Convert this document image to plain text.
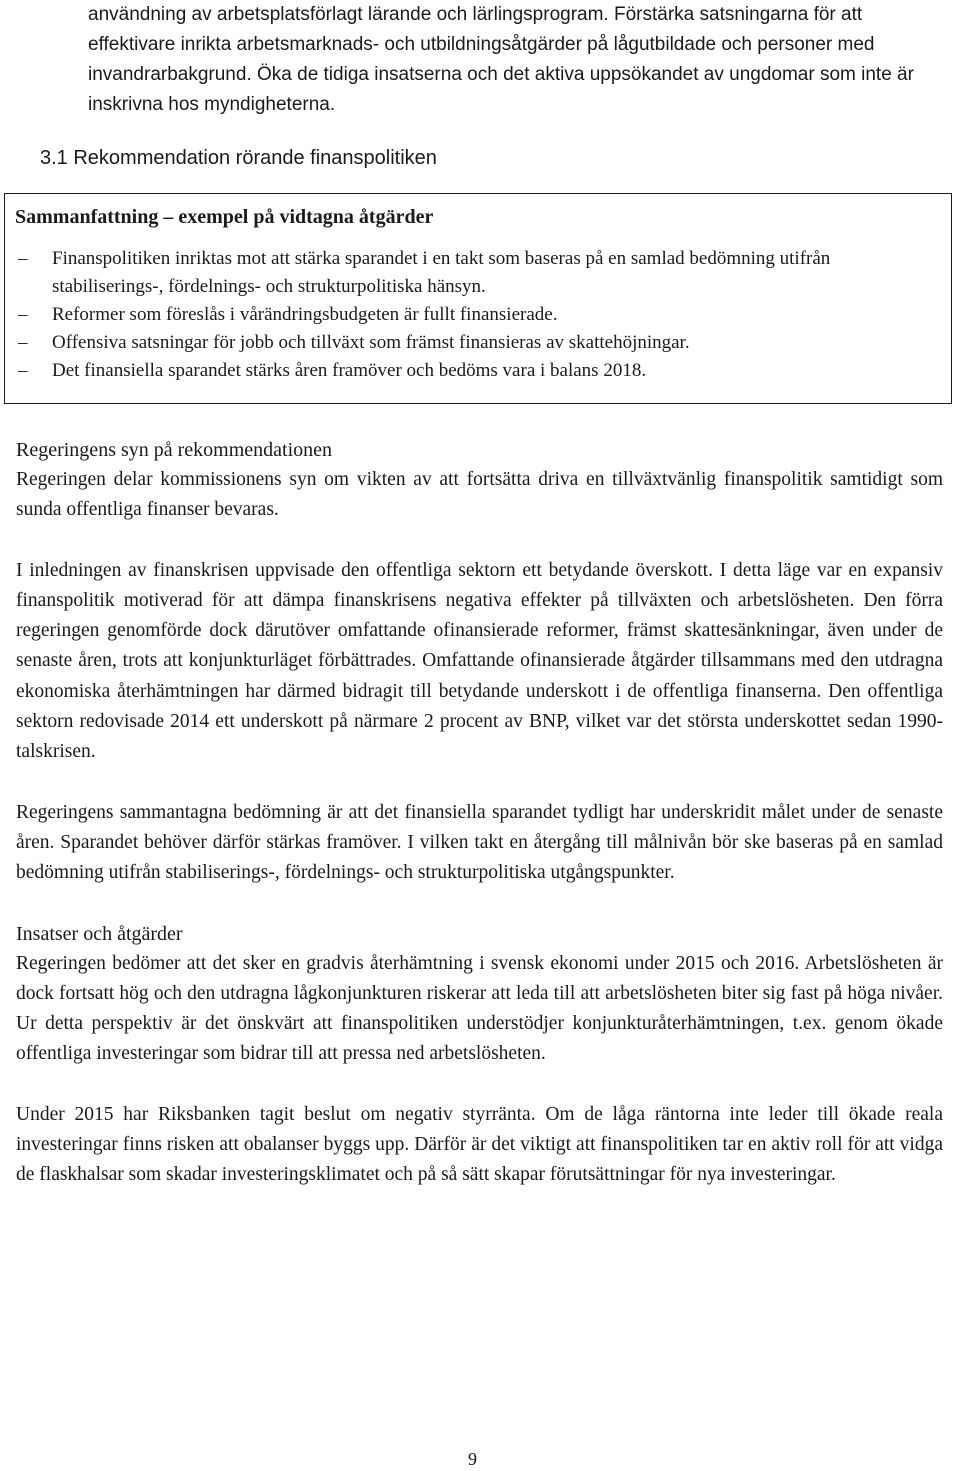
användning av arbetsplatsförlagt lärande och lärlingsprogram. Förstärka satsningarna för att effektivare inrikta arbetsmarknads- och utbildningsåtgärder på lågutbildade och personer med invandrarbakgrund. Öka de tidiga insatserna och det aktiva uppsökandet av ungdomar som inte är inskrivna hos myndigheterna.

3.1 Rekommendation rörande finanspolitiken
Sammanfattning – exempel på vidtagna åtgärder
– Finanspolitiken inriktas mot att stärka sparandet i en takt som baseras på en samlad bedömning utifrån stabiliserings-, fördelnings- och strukturpolitiska hänsyn.
– Reformer som föreslås i vårändringsbudgeten är fullt finansierade.
– Offensiva satsningar för jobb och tillväxt som främst finansieras av skattehöjningar.
– Det finansiella sparandet stärks åren framöver och bedöms vara i balans 2018.
Regeringens syn på rekommendationen

Regeringen delar kommissionens syn om vikten av att fortsätta driva en tillväxtvänlig finanspolitik samtidigt som sunda offentliga finanser bevaras.

I inledningen av finanskrisen uppvisade den offentliga sektorn ett betydande överskott. I detta läge var en expansiv finanspolitik motiverad för att dämpa finanskrisens negativa effekter på tillväxten och arbetslösheten. Den förra regeringen genomförde dock därutöver omfattande ofinansierade reformer, främst skattesänkningar, även under de senaste åren, trots att konjunkturläget förbättrades. Omfattande ofinansierade åtgärder tillsammans med den utdragna ekonomiska återhämtningen har därmed bidragit till betydande underskott i de offentliga finanserna. Den offentliga sektorn redovisade 2014 ett underskott på närmare 2 procent av BNP, vilket var det största underskottet sedan 1990-talskrisen.

Regeringens sammantagna bedömning är att det finansiella sparandet tydligt har underskridit målet under de senaste åren. Sparandet behöver därför stärkas framöver. I vilken takt en återgång till målnivån bör ske baseras på en samlad bedömning utifrån stabiliserings-, fördelnings- och strukturpolitiska utgångspunkter.

Insatser och åtgärder

Regeringen bedömer att det sker en gradvis återhämtning i svensk ekonomi under 2015 och 2016. Arbetslösheten är dock fortsatt hög och den utdragna lågkonjunkturen riskerar att leda till att arbetslösheten biter sig fast på höga nivåer. Ur detta perspektiv är det önskvärt att finanspolitiken understödjer konjunkturåterhämtningen, t.ex. genom ökade offentliga investeringar som bidrar till att pressa ned arbetslösheten.

Under 2015 har Riksbanken tagit beslut om negativ styrränta. Om de låga räntorna inte leder till ökade reala investeringar finns risken att obalanser byggs upp. Därför är det viktigt att finanspolitiken tar en aktiv roll för att vidga de flaskhalsar som skadar investeringsklimatet och på så sätt skapar förutsättningar för nya investeringar.

9
